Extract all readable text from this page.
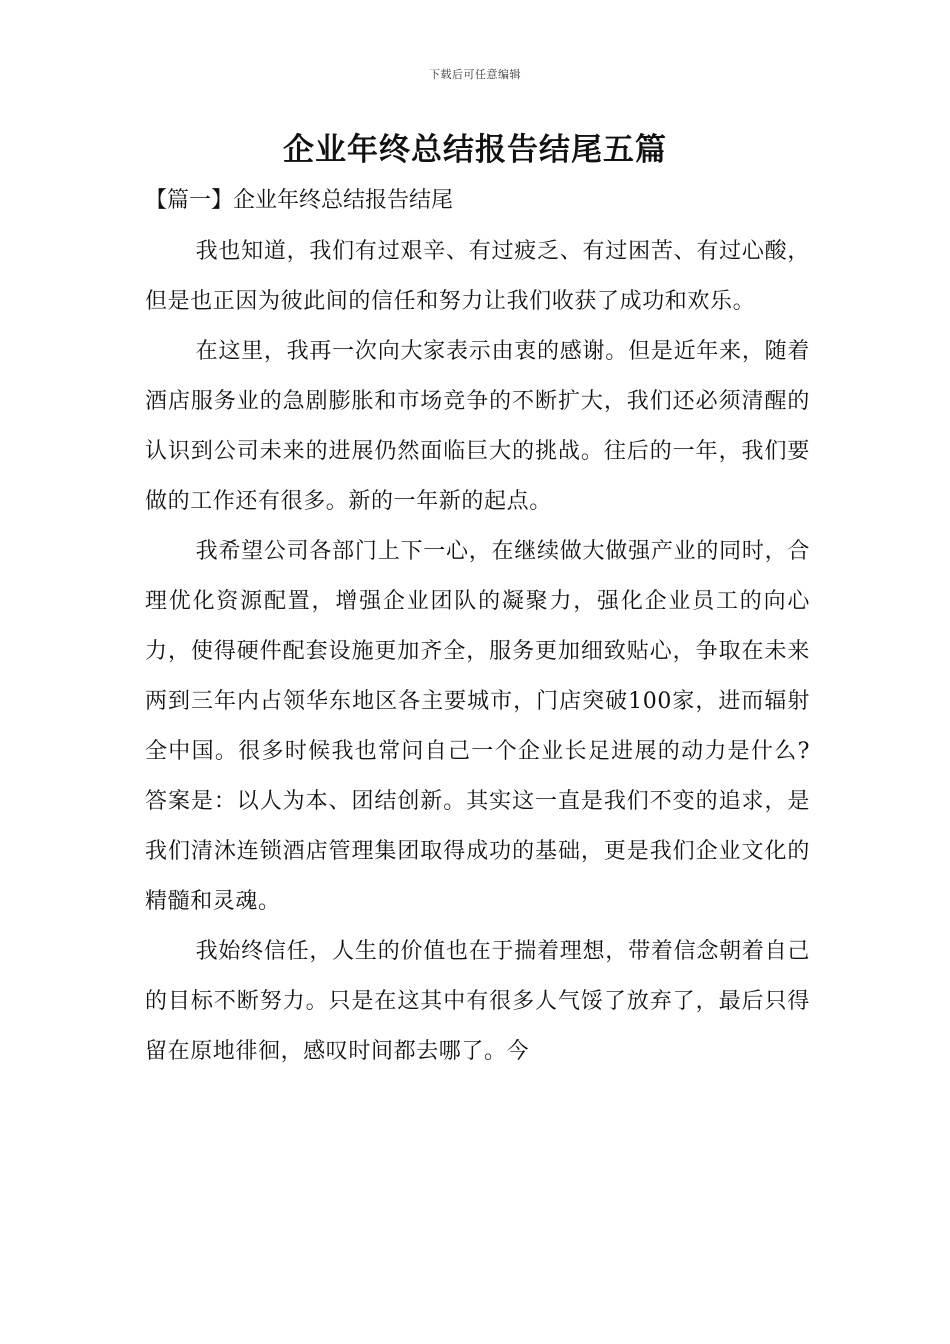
下载后可任意编辑
企业年终总结报告结尾五篇

【篇一】企业年终总结报告结尾

我也知道，我们有过艰辛、有过疲乏、有过困苦、有过心酸，但是也正因为彼此间的信任和努力让我们收获了成功和欢乐。

在这里，我再一次向大家表示由衷的感谢。但是近年来，随着酒店服务业的急剧膨胀和市场竞争的不断扩大，我们还必须清醒的认识到公司未来的进展仍然面临巨大的挑战。往后的一年，我们要做的工作还有很多。新的一年新的起点。

我希望公司各部门上下一心，在继续做大做强产业的同时，合理优化资源配置，增强企业团队的凝聚力，强化企业员工的向心力，使得硬件配套设施更加齐全，服务更加细致贴心，争取在未来两到三年内占领华东地区各主要城市，门店突破100家，进而辐射全中国。很多时候我也常问自己一个企业长足进展的动力是什么?答案是：以人为本、团结创新。其实这一直是我们不变的追求，是我们清沐连锁酒店管理集团取得成功的基础，更是我们企业文化的精髓和灵魂。

我始终信任，人生的价值也在于揣着理想，带着信念朝着自己的目标不断努力。只是在这其中有很多人气馁了放弃了，最后只得留在原地徘徊，感叹时间都去哪了。今
